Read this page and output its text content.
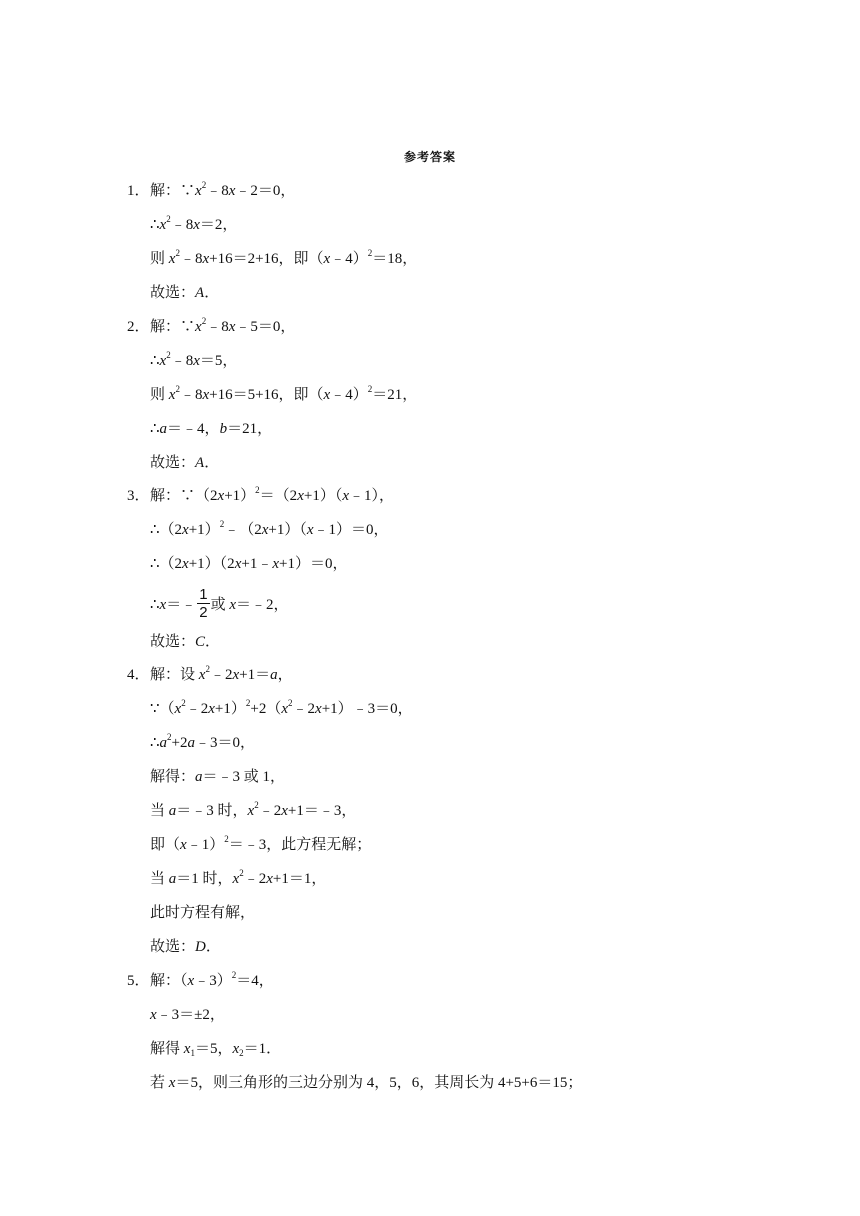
参考答案
1． 解：$\because x^2﹣8x﹣2=0$，
$\therefore x^2﹣8x=2$，
则 $x^2﹣8x+16=2+16$，即（x﹣4）$^2$＝18，
故选：A．
2． 解：$\because x^2﹣8x﹣5=0$，
$\therefore x^2﹣8x=5$，
则 $x^2﹣8x+16=5+16$，即（x﹣4）$^2$＝21，
∴a＝﹣4，b＝21，
故选：A．
3． 解：$\because(2x+1)^2=(2x+1)(x﹣1)$，
$\therefore(2x+1)^2﹣(2x+1)(x﹣1)=0$，
∴（2x+1）（2x+1﹣x+1）＝0，
∴x＝﹣ $\frac{1}{2}$ 或 x＝﹣2，
故选：C．
4． 解：设 $x^2﹣2x+1=a$，
$\because(x^2﹣2x+1)^2+2(x^2﹣2x+1)﹣3=0$，
$\therefore a^2+2a﹣3=0$，
解得：a＝﹣3 或 1，
当 a＝﹣3 时，$x^2﹣2x+1=﹣3$，
即（x﹣1）$^2$＝﹣3，此方程无解；
当 a＝1 时，$x^2﹣2x+1=1$，
此时方程有解，
故选：D．
5． 解：（x﹣3）$^2$＝4，
x﹣3＝±2，
解得 $x_1=5$，$x_2=1$．
若 x＝5，则三角形的三边分别为 4，5，6，其周长为 4+5+6＝15；
